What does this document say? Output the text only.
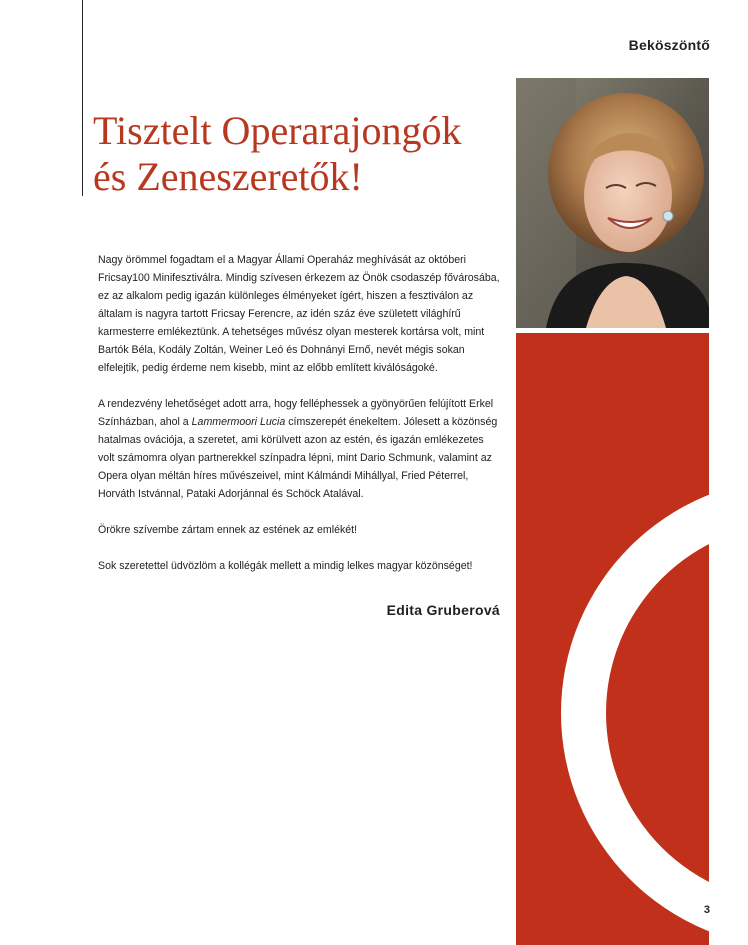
Beköszöntő
Tisztelt Operarajongók
és Zeneszeretők!

Nagy örömmel fogadtam el a Magyar Állami Operaház meghívását az októberi Fricsay100 Minifesztiválra. Mindig szívesen érkezem az Önök csodaszép fővárosába, ez az alkalom pedig igazán különleges élményeket ígért, hiszen a fesztiválon az általam is nagyra tartott Fricsay Ferencre, az idén száz éve született világhírű karmesterre emlékeztünk. A tehetséges művész olyan mesterek kortársa volt, mint Bartók Béla, Kodály Zoltán, Weiner Leó és Dohnányi Ernő, nevét mégis sokan elfelejtik, pedig érdeme nem kisebb, mint az előbb említett kiválóságoké.

A rendezvény lehetőséget adott arra, hogy felléphessek a gyönyörűen felújított Erkel Színházban, ahol a Lammermoori Lucia címszerepét énekeltem. Jólesett a közönség hatalmas ovációja, a szeretet, ami körülvett azon az estén, és igazán emlékezetes volt számomra olyan partnerekkel színpadra lépni, mint Dario Schmunk, valamint az Opera olyan méltán híres művészeivel, mint Kálmándi Mihállyal, Fried Péterrel, Horváth Istvánnal, Pataki Adorjánnal és Schöck Atalával.

Örökre szívembe zártam ennek az estének az emlékét!

Sok szeretettel üdvözlöm a kollégák mellett a mindig lelkes magyar közönséget!

Edita Gruberová
3
